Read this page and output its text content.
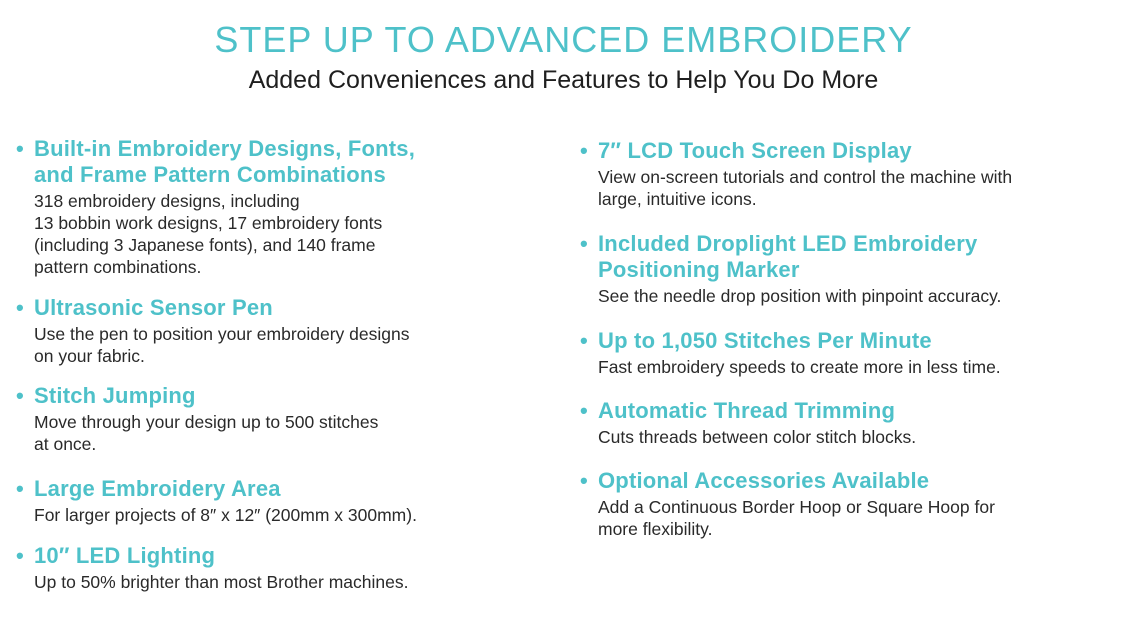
STEP UP TO ADVANCED EMBROIDERY

Added Conveniences and Features to Help You Do More

• Built-in Embroidery Designs, Fonts,
and Frame Pattern Combinations
318 embroidery designs, including
13 bobbin work designs, 17 embroidery fonts
(including 3 Japanese fonts), and 140 frame
pattern combinations.
• Ultrasonic Sensor Pen
Use the pen to position your embroidery designs
on your fabric.
• Stitch Jumping
Move through your design up to 500 stitches
at once.
• Large Embroidery Area
For larger projects of 8″ x 12″ (200mm x 300mm).
• 10″ LED Lighting
Up to 50% brighter than most Brother machines.
• 7″ LCD Touch Screen Display
View on-screen tutorials and control the machine with
large, intuitive icons.
• Included Droplight LED Embroidery
Positioning Marker
See the needle drop position with pinpoint accuracy.
• Up to 1,050 Stitches Per Minute
Fast embroidery speeds to create more in less time.
• Automatic Thread Trimming
Cuts threads between color stitch blocks.
• Optional Accessories Available
Add a Continuous Border Hoop or Square Hoop for
more flexibility.
